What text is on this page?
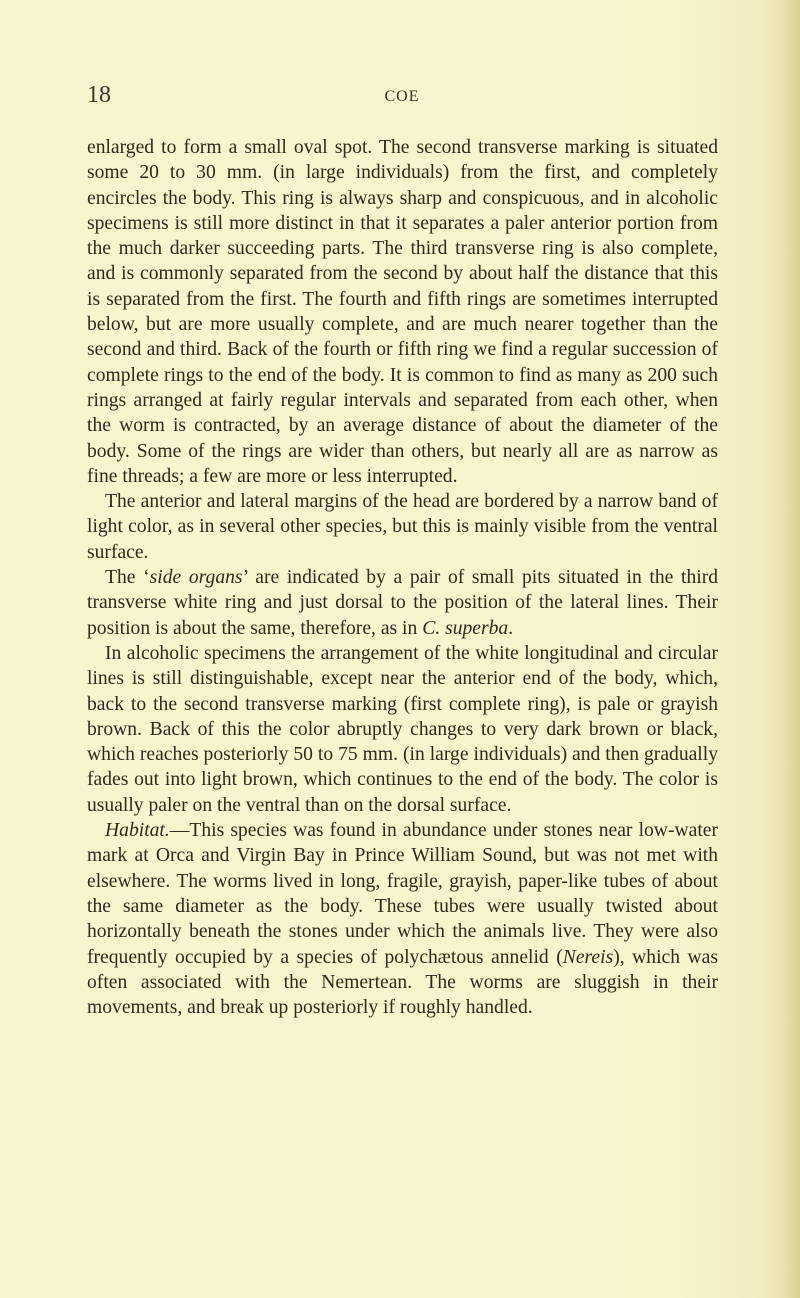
18	COE

enlarged to form a small oval spot. The second transverse marking is situated some 20 to 30 mm. (in large individuals) from the first, and completely encircles the body. This ring is always sharp and conspicuous, and in alcoholic specimens is still more distinct in that it separates a paler anterior portion from the much darker succeeding parts. The third transverse ring is also complete, and is commonly separated from the second by about half the distance that this is separated from the first. The fourth and fifth rings are sometimes interrupted below, but are more usually complete, and are much nearer together than the second and third. Back of the fourth or fifth ring we find a regular succession of complete rings to the end of the body. It is common to find as many as 200 such rings arranged at fairly regular intervals and separated from each other, when the worm is contracted, by an average distance of about the diameter of the body. Some of the rings are wider than others, but nearly all are as narrow as fine threads; a few are more or less interrupted.

The anterior and lateral margins of the head are bordered by a narrow band of light color, as in several other species, but this is mainly visible from the ventral surface.

The ‘side organs’ are indicated by a pair of small pits situated in the third transverse white ring and just dorsal to the position of the lateral lines. Their position is about the same, therefore, as in C. superba.

In alcoholic specimens the arrangement of the white longitudinal and circular lines is still distinguishable, except near the anterior end of the body, which, back to the second transverse marking (first complete ring), is pale or grayish brown. Back of this the color abruptly changes to very dark brown or black, which reaches posteriorly 50 to 75 mm. (in large individuals) and then gradually fades out into light brown, which continues to the end of the body. The color is usually paler on the ventral than on the dorsal surface.

Habitat.—This species was found in abundance under stones near low-water mark at Orca and Virgin Bay in Prince William Sound, but was not met with elsewhere. The worms lived in long, fragile, grayish, paper-like tubes of about the same diameter as the body. These tubes were usually twisted about horizontally beneath the stones under which the animals live. They were also frequently occupied by a species of polychætous annelid (Nereis), which was often associated with the Nemertean. The worms are sluggish in their movements, and break up posteriorly if roughly handled.
